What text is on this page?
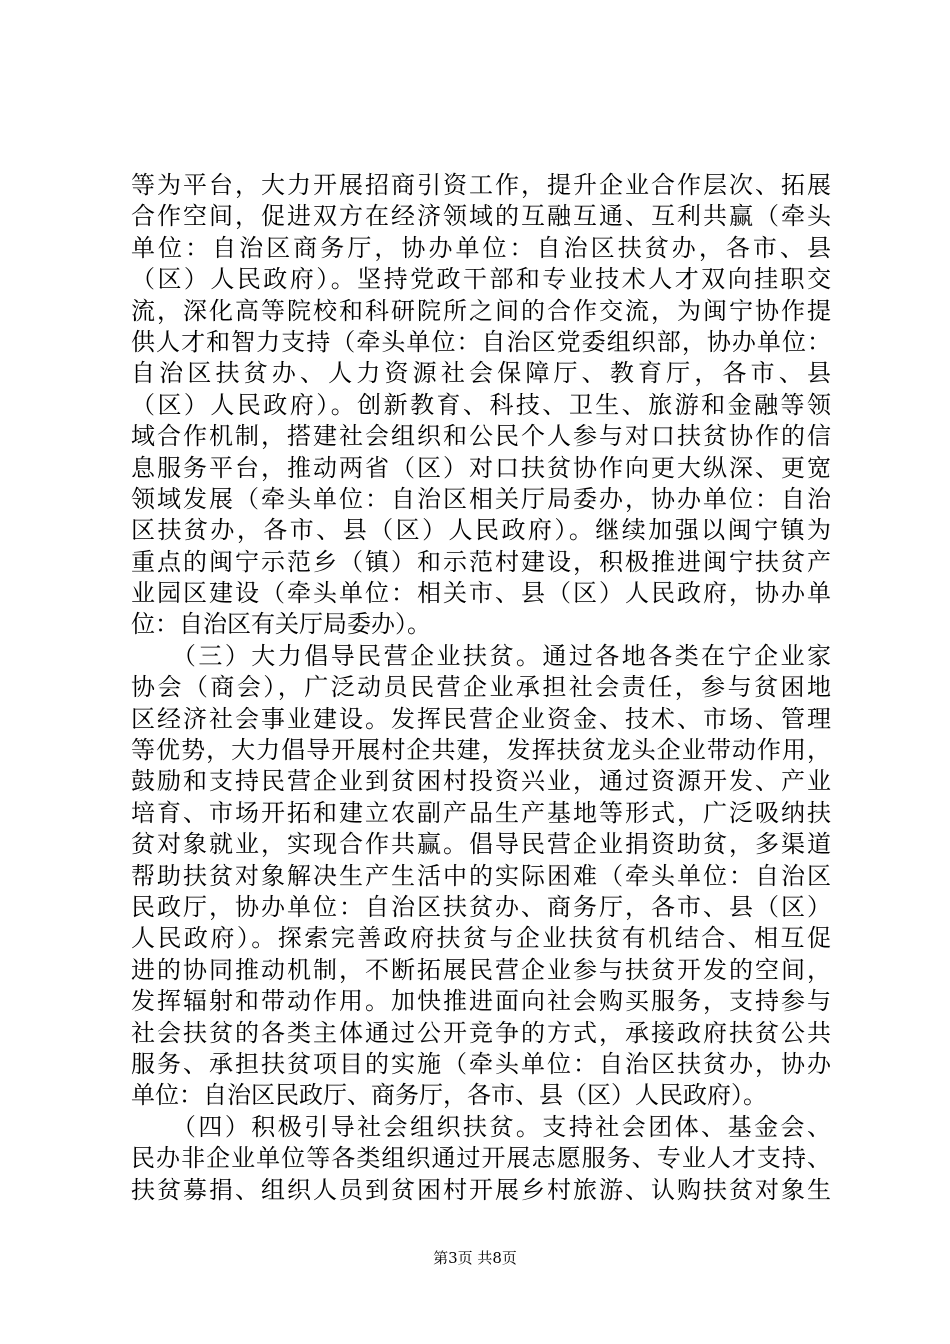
等为平台，大力开展招商引资工作，提升企业合作层次、拓展
合作空间，促进双方在经济领域的互融互通、互利共赢（牵头
单位：自治区商务厅，协办单位：自治区扶贫办，各市、县
（区）人民政府）。坚持党政干部和专业技术人才双向挂职交
流，深化高等院校和科研院所之间的合作交流，为闽宁协作提
供人才和智力支持（牵头单位：自治区党委组织部，协办单位：
自治区扶贫办、人力资源社会保障厅、教育厅，各市、县
（区）人民政府）。创新教育、科技、卫生、旅游和金融等领
域合作机制，搭建社会组织和公民个人参与对口扶贫协作的信
息服务平台，推动两省（区）对口扶贫协作向更大纵深、更宽
领域发展（牵头单位：自治区相关厅局委办，协办单位：自治
区扶贫办，各市、县（区）人民政府）。继续加强以闽宁镇为
重点的闽宁示范乡（镇）和示范村建设，积极推进闽宁扶贫产
业园区建设（牵头单位：相关市、县（区）人民政府，协办单
位：自治区有关厅局委办）。
　　（三）大力倡导民营企业扶贫。通过各地各类在宁企业家
协会（商会），广泛动员民营企业承担社会责任，参与贫困地
区经济社会事业建设。发挥民营企业资金、技术、市场、管理
等优势，大力倡导开展村企共建，发挥扶贫龙头企业带动作用，
鼓励和支持民营企业到贫困村投资兴业，通过资源开发、产业
培育、市场开拓和建立农副产品生产基地等形式，广泛吸纳扶
贫对象就业，实现合作共赢。倡导民营企业捐资助贫，多渠道
帮助扶贫对象解决生产生活中的实际困难（牵头单位：自治区
民政厅，协办单位：自治区扶贫办、商务厅，各市、县（区）
人民政府）。探索完善政府扶贫与企业扶贫有机结合、相互促
进的协同推动机制，不断拓展民营企业参与扶贫开发的空间，
发挥辐射和带动作用。加快推进面向社会购买服务，支持参与
社会扶贫的各类主体通过公开竞争的方式，承接政府扶贫公共
服务、承担扶贫项目的实施（牵头单位：自治区扶贫办，协办
单位：自治区民政厅、商务厅，各市、县（区）人民政府）。
　　（四）积极引导社会组织扶贫。支持社会团体、基金会、
民办非企业单位等各类组织通过开展志愿服务、专业人才支持、
扶贫募捐、组织人员到贫困村开展乡村旅游、认购扶贫对象生
第3页 共8页
